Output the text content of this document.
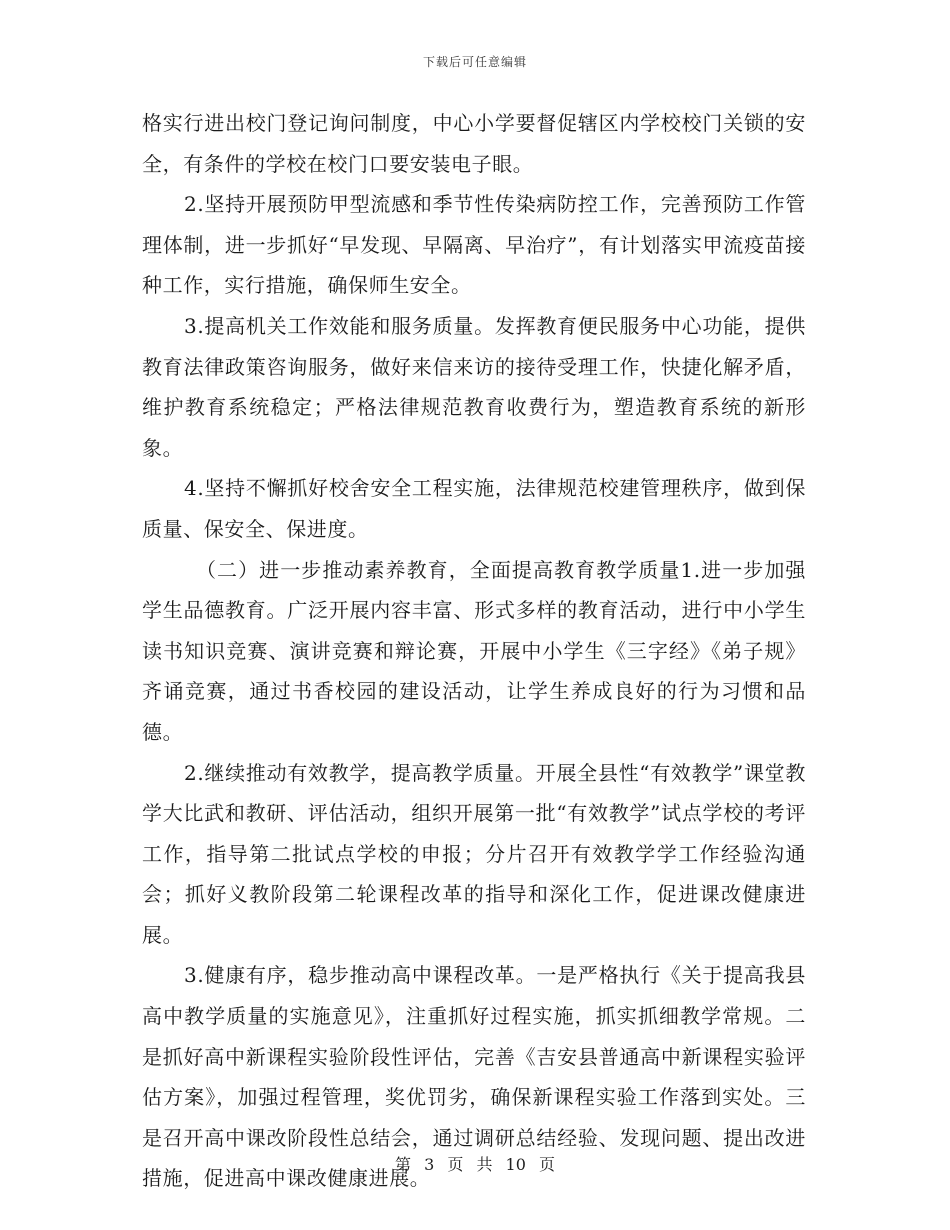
下载后可任意编辑

格实行进出校门登记询问制度，中心小学要督促辖区内学校校门关锁的安全，有条件的学校在校门口要安装电子眼。

2.坚持开展预防甲型流感和季节性传染病防控工作，完善预防工作管理体制，进一步抓好“早发现、早隔离、早治疗”，有计划落实甲流疫苗接种工作，实行措施，确保师生安全。

3.提高机关工作效能和服务质量。发挥教育便民服务中心功能，提供教育法律政策咨询服务，做好来信来访的接待受理工作，快捷化解矛盾，维护教育系统稳定；严格法律规范教育收费行为，塑造教育系统的新形象。

4.坚持不懈抓好校舍安全工程实施，法律规范校建管理秩序，做到保质量、保安全、保进度。

（二）进一步推动素养教育，全面提高教育教学质量1.进一步加强学生品德教育。广泛开展内容丰富、形式多样的教育活动，进行中小学生读书知识竞赛、演讲竞赛和辩论赛，开展中小学生《三字经》《弟子规》齐诵竞赛，通过书香校园的建设活动，让学生养成良好的行为习惯和品德。

2.继续推动有效教学，提高教学质量。开展全县性“有效教学”课堂教学大比武和教研、评估活动，组织开展第一批“有效教学”试点学校的考评工作，指导第二批试点学校的申报；分片召开有效教学学工作经验沟通会；抓好义教阶段第二轮课程改革的指导和深化工作，促进课改健康进展。

3.健康有序，稳步推动高中课程改革。一是严格执行《关于提高我县高中教学质量的实施意见》，注重抓好过程实施，抓实抓细教学常规。二是抓好高中新课程实验阶段性评估，完善《吉安县普通高中新课程实验评估方案》，加强过程管理，奖优罚劣，确保新课程实验工作落到实处。三是召开高中课改阶段性总结会，通过调研总结经验、发现问题、提出改进措施，促进高中课改健康进展。

第 3 页 共 10 页
